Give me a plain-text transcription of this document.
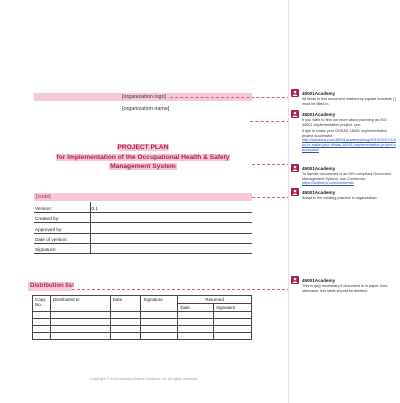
[organization logo]
[organization name]
PROJECT PLAN
for Implementation of the Occupational Health & Safety
Management System
[code]
Version:	0.1
Created by:	
Approved by:	
Date of version:	
Signature:	
Distribution list
Copy No.	Distributed to	Date	Signature	Returned	
				Date	Signature

Copyright © 2018 Advisera Expert Solutions Ltd. All rights reserved.
45001Academy
All fields in this document marked by square brackets [ ] must be filled in.
45001Academy
If you want to find out more about planning an ISO 45001 implementation project, see:
5 tips to make your OHSAS 18001 implementation project successful
http://advisera.com/45001academy/blog/2015/10/07/5-tips-to-make-your-ohsas-18001-implementation-project-successful/
45001Academy
To handle documents in an ISO-compliant Document Management System, use Conformio:
https://advisera.com/conformio
45001Academy
Adapt to the existing practice in organization.
45001Academy
This is only necessary if document is in paper form; otherwise, this table should be deleted.
